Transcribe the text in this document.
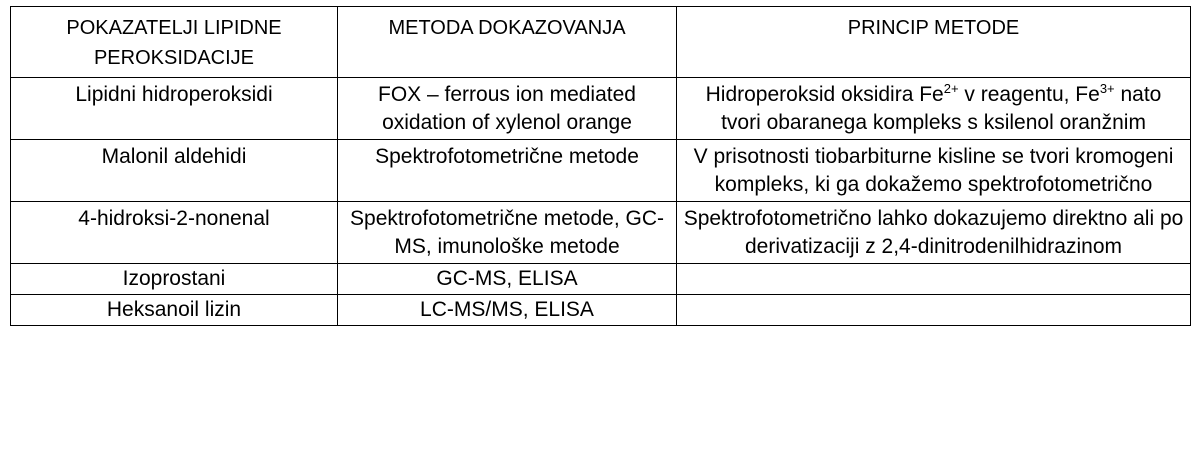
POKAZATELJI LIPIDNE PEROKSIDACIJE	METODA DOKAZOVANJA	PRINCIP METODE
Lipidni hidroperoksidi	FOX – ferrous ion mediated oxidation of xylenol orange	Hidroperoksid oksidira $Fe^{2+}$ v reagentu, $Fe^{3+}$ nato tvori obaranega kompleks s ksilenol oranžnim
Malonil aldehidi	Spektrofotometrične metode	V prisotnosti tiobarbiturne kisline se tvori kromogeni kompleks, ki ga dokažemo spektrofotometrično
4-hidroksi-2-nonenal	Spektrofotometrične metode, GC-MS, imunološke metode	Spektrofotometrično lahko dokazujemo direktno ali po derivatizaciji z 2,4-dinitrodenilhidrazinom
Izoprostani	GC-MS, ELISA	
Heksanoil lizin	LC-MS/MS, ELISA	
